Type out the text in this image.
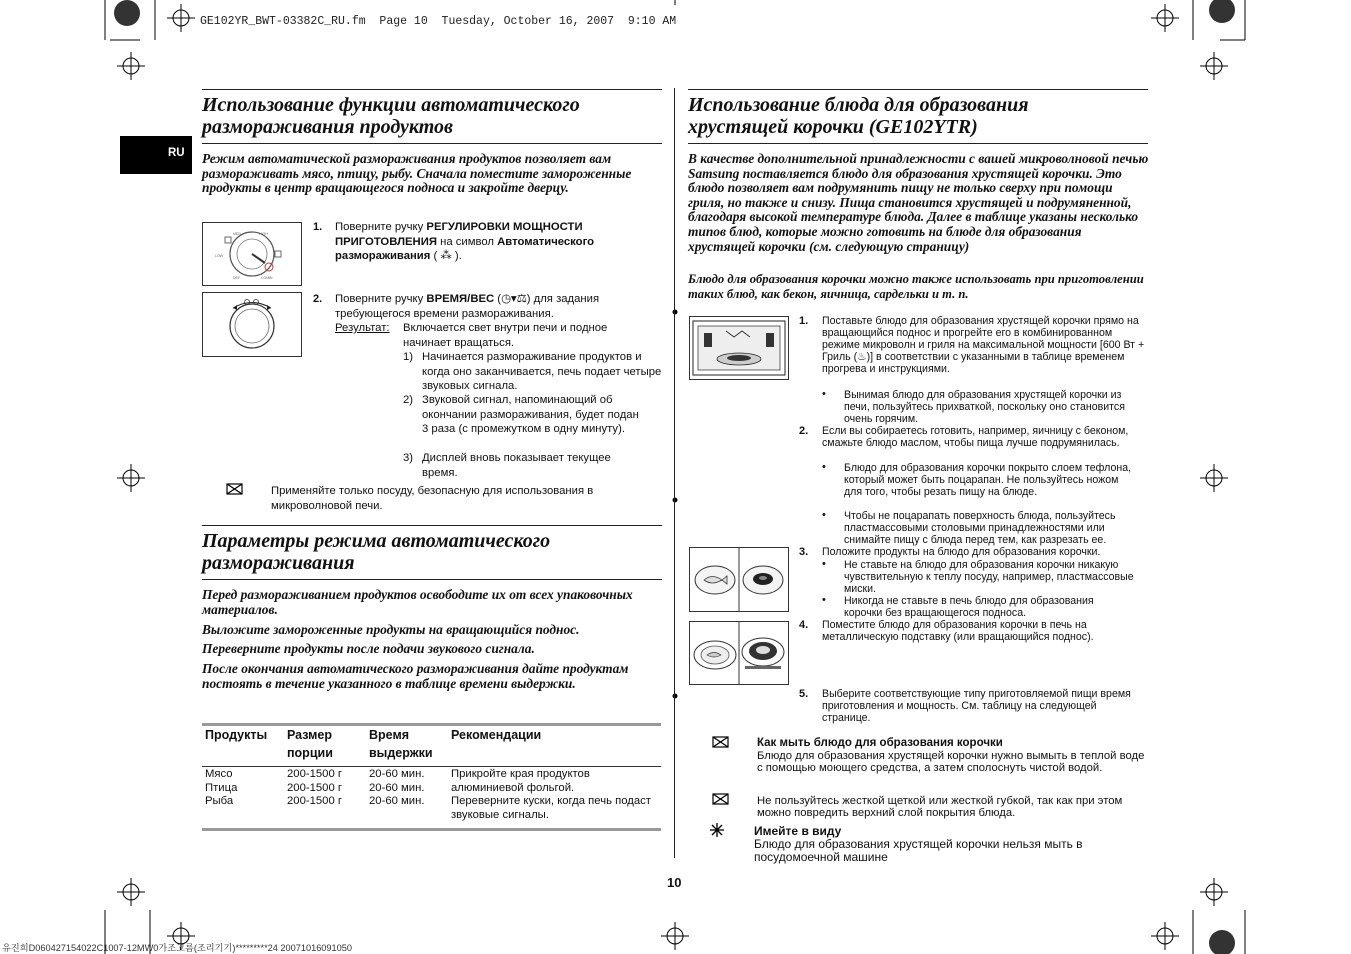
GE102YR_BWT-03382C_RU.fm  Page 10  Tuesday, October 16, 2007  9:10 AM
RU
Использование функции автоматического
размораживания продуктов
Режим автоматической размораживания продуктов позволяет вам размораживать мясо, птицу, рыбу. Сначала поместите замороженные продукты в центр вращающегося подноса и закройте дверцу.
MED	HIGH
LOW
DEF	COMBI
1. Поверните ручку РЕГУЛИРОВКИ МОЩНОСТИ ПРИГОТОВЛЕНИЯ на символ Автоматического размораживания ( ⁂ ).
2. Поверните ручку ВРЕМЯ/ВЕС (◷▾⚖) для задания требующегося времени размораживания.
Результат: Включается свет внутри печи и подное начинает вращаться.
1) Начинается размораживание продуктов и когда оно заканчивается, печь подает четыре звуковых сигнала.
2) Звуковой сигнал, напоминающий об окончании размораживания, будет подан 3 раза (с промежутком в одну минуту).
3) Дисплей вновь показывает текущее время.
Применяйте только посуду, безопасную для использования в микроволновой печи.
Параметры режима автоматического
размораживания
Перед размораживанием продуктов освободите их от всех упаковочных материалов.
Выложите замороженные продукты на вращающийся поднос.
Переверните продукты после подачи звукового сигнала.
После окончания автоматического размораживания дайте продуктам постоять в течение указанного в таблице времени выдержки.
Продукты Размер порции
Время выдержки
Рекомендации
Мясо
Птица
Рыба
200-1500 г
200-1500 г
200-1500 г
20-60 мин.
20-60 мин.
20-60 мин.
Прикройте края продуктов алюминиевой фольгой.
Переверните куски, когда печь подаст звуковые сигналы.
Использование блюда для образования
хрустящей корочки (GE102YTR)
В качестве дополнительной принадлежности с вашей микроволновой печью Samsung поставляется блюдо для образования хрустящей корочки. Это блюдо позволяет вам подрумянить пищу не только сверху при помощи гриля, но также и снизу. Пища становится хрустящей и подрумяненной, благодаря высокой температуре блюда. Далее в таблице указаны несколько типов блюд, которые можно готовить на блюде для образования хрустящей корочки (см. следующую страницу)
Блюдо для образования корочки можно также использовать при приготовлении таких блюд, как бекон, яичница, сардельки и т. п.
1. Поставьте блюдо для образования хрустящей корочки прямо на вращающийся поднос и прогрейте его в комбинированном режиме микроволн и гриля на максимальной мощности [600 Вт + Гриль (♨)] в соответствии с указанными в таблице временем прогрева и инструкциями.
• Вынимая блюдо для образования хрустящей корочки из печи, пользуйтесь прихваткой, поскольку оно становится очень горячим.
2. Если вы собираетесь готовить, например, яичницу с беконом, смажьте блюдо маслом, чтобы пища лучше подрумянилась.
• Блюдо для образования корочки покрыто слоем тефлона, который может быть поцарапан. Не пользуйтесь ножом для того, чтобы резать пищу на блюде.
• Чтобы не поцарапать поверхность блюда, пользуйтесь пластмассовыми столовыми принадлежностями или снимайте пищу с блюда перед тем, как разрезать ее.
3. Положите продукты на блюдо для образования корочки.
• Не ставьте на блюдо для образования корочки никакую чувствительную к теплу посуду, например, пластмассовые миски.
• Никогда не ставьте в печь блюдо для образования корочки без вращающегося подноса.
4. Поместите блюдо для образования корочки в печь на металлическую подставку (или вращающийся поднос).
5. Выберите соответствующие типу приготовляемой пищи время приготовления и мощность. См. таблицу на следующей странице.
Как мыть блюдо для образования корочки
Блюдо для образования хрустящей корочки нужно вымыть в теплой воде с помощью моющего средства, а затем сполоснуть чистой водой.
Не пользуйтесь жесткой щеткой или жесткой губкой, так как при этом можно повредить верхний слой покрытия блюда.
Имейте в виду
Блюдо для образования хрустящей корочки нельзя мыть в посудомоечной машине
10
유진희D060427154022C1007-12MW0가조고름(조리기기)*********24 20071016091050
